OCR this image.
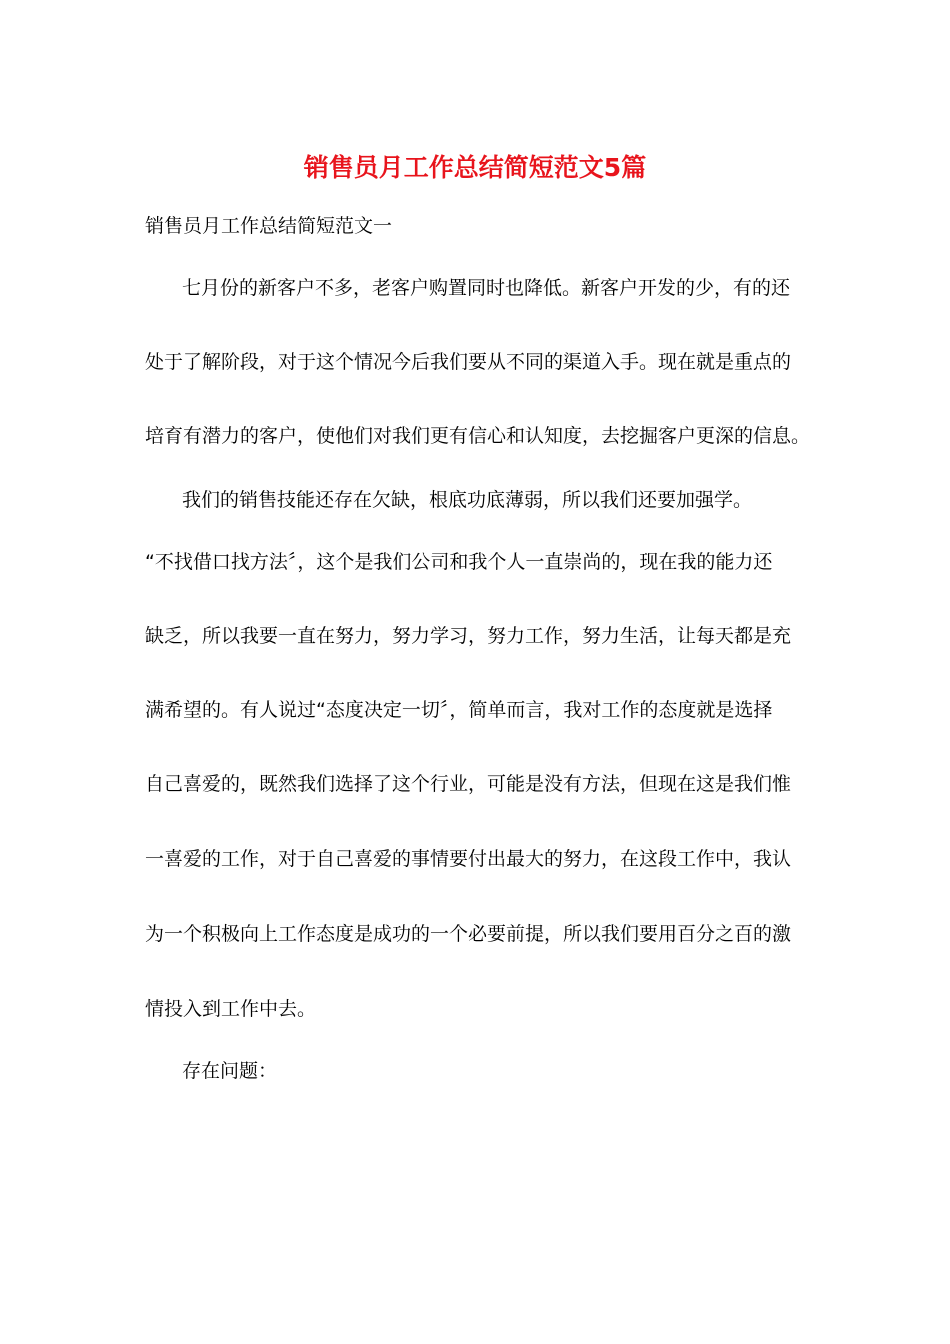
销售员月工作总结简短范文5篇
销售员月工作总结简短范文一
七月份的新客户不多，老客户购置同时也降低。新客户开发的少，有的还
处于了解阶段，对于这个情况今后我们要从不同的渠道入手。现在就是重点的
培育有潜力的客户，使他们对我们更有信心和认知度，去挖掘客户更深的信息。
我们的销售技能还存在欠缺，根底功底薄弱，所以我们还要加强学。
“不找借口找方法〞，这个是我们公司和我个人一直崇尚的，现在我的能力还
缺乏，所以我要一直在努力，努力学习，努力工作，努力生活，让每天都是充
满希望的。有人说过“态度决定一切〞，简单而言，我对工作的态度就是选择
自己喜爱的，既然我们选择了这个行业，可能是没有方法，但现在这是我们惟
一喜爱的工作，对于自己喜爱的事情要付出最大的努力，在这段工作中，我认
为一个积极向上工作态度是成功的一个必要前提，所以我们要用百分之百的激
情投入到工作中去。
存在问题：
